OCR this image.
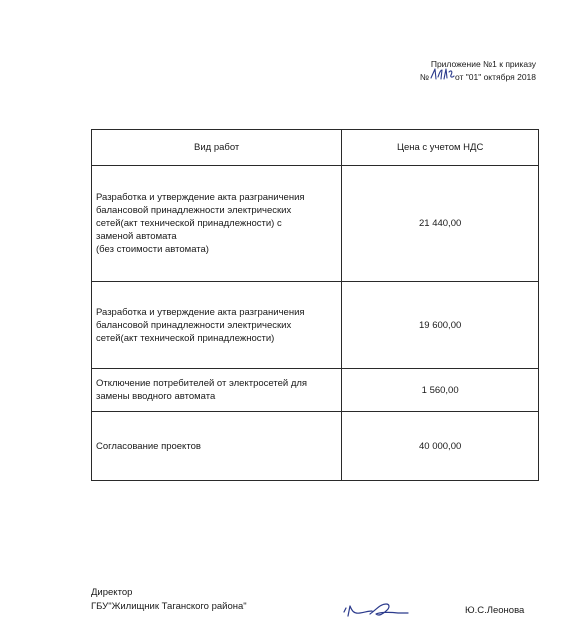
Приложение №1 к приказу
№	от "01" октября 2018
Вид работ	Цена с учетом НДС

Разработка и утверждение акта разграничения
балансовой принадлежности электрических
сетей(акт технической принадлежности) с
заменой автомата
(без стоимости автомата)	21 440,00

Разработка и утверждение акта разграничения
балансовой принадлежности электрических
сетей(акт технической принадлежности)	19 600,00

Отключение потребителей от электросетей для
замены вводного автомата	1 560,00

Согласование проектов	40 000,00
Директор
ГБУ"Жилищник Таганского района"	Ю.С.Леонова
